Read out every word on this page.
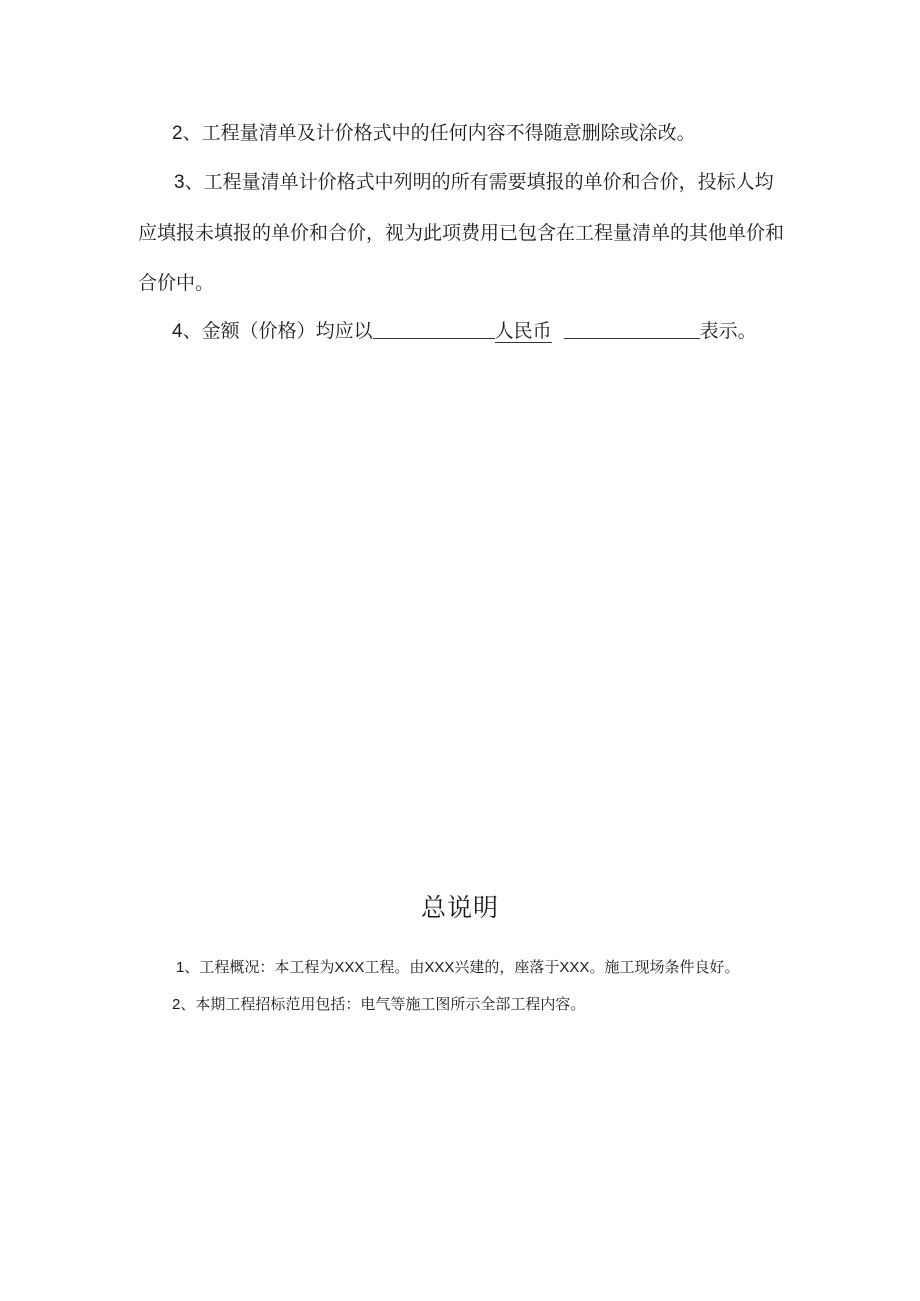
2、工程量清单及计价格式中的任何内容不得随意删除或涂改。
3、工程量清单计价格式中列明的所有需要填报的单价和合价，投标人均应填报未填报的单价和合价，视为此项费用已包含在工程量清单的其他单价和合价中。
4、金额（价格）均应以	人民币	表示。
总说明
1、工程概况：本工程为XXX工程。由XXX兴建的，座落于XXX。施工现场条件良好。
2、本期工程招标范用包括：电气等施工图所示全部工程内容。
